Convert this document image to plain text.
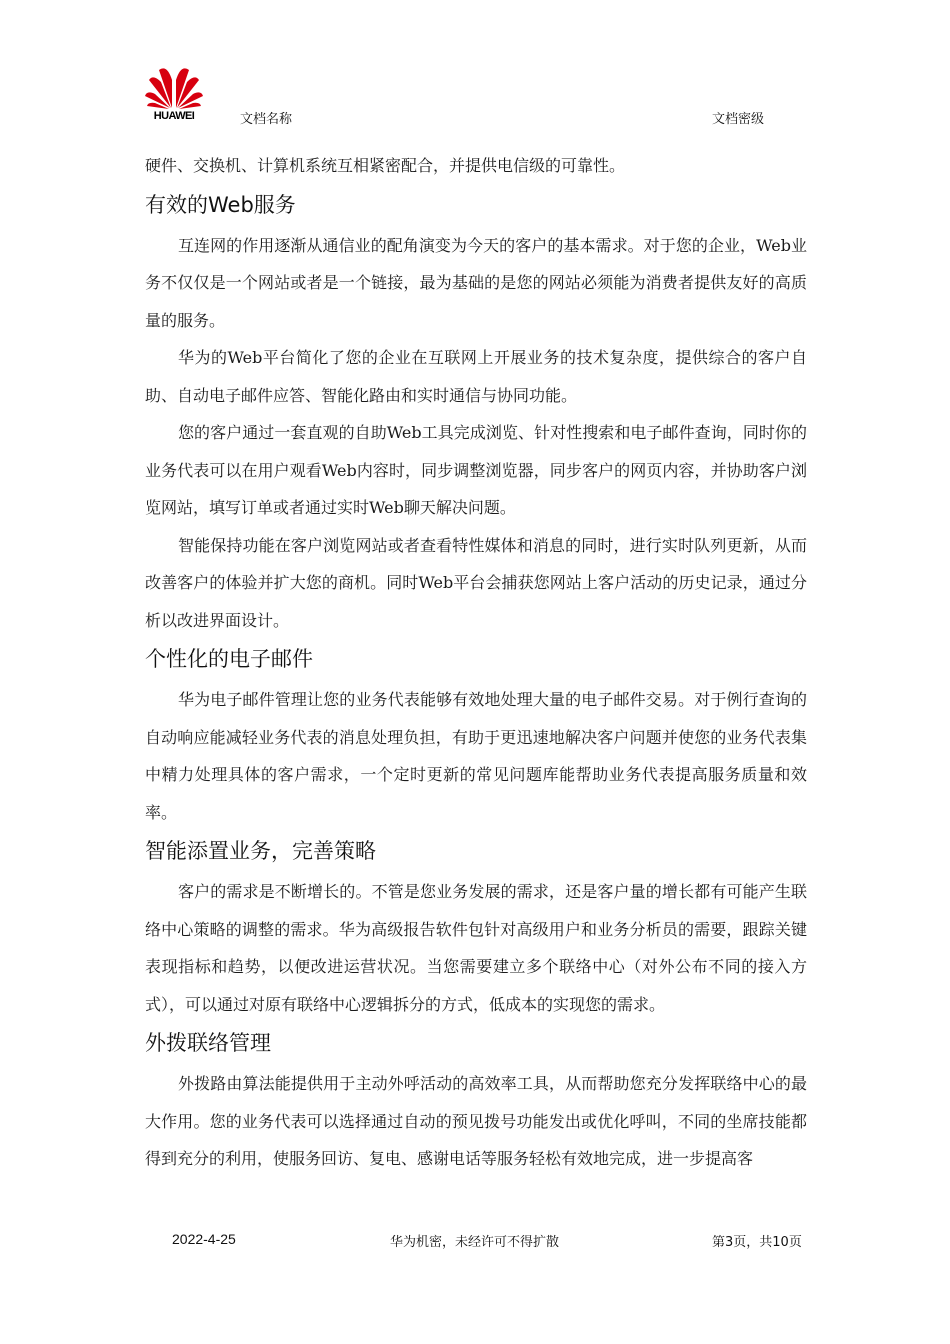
HUAWEI	文档名称	文档密级

硬件、交换机、计算机系统互相紧密配合，并提供电信级的可靠性。

有效的Web服务

互连网的作用逐渐从通信业的配角演变为今天的客户的基本需求。对于您的企业，Web业务不仅仅是一个网站或者是一个链接，最为基础的是您的网站必须能为消费者提供友好的高质量的服务。

华为的Web平台简化了您的企业在互联网上开展业务的技术复杂度，提供综合的客户自助、自动电子邮件应答、智能化路由和实时通信与协同功能。

您的客户通过一套直观的自助Web工具完成浏览、针对性搜索和电子邮件查询，同时你的业务代表可以在用户观看Web内容时，同步调整浏览器，同步客户的网页内容，并协助客户浏览网站，填写订单或者通过实时Web聊天解决问题。

智能保持功能在客户浏览网站或者查看特性媒体和消息的同时，进行实时队列更新，从而改善客户的体验并扩大您的商机。同时Web平台会捕获您网站上客户活动的历史记录，通过分析以改进界面设计。

个性化的电子邮件

华为电子邮件管理让您的业务代表能够有效地处理大量的电子邮件交易。对于例行查询的自动响应能减轻业务代表的消息处理负担，有助于更迅速地解决客户问题并使您的业务代表集中精力处理具体的客户需求，一个定时更新的常见问题库能帮助业务代表提高服务质量和效率。

智能添置业务，完善策略

客户的需求是不断增长的。不管是您业务发展的需求，还是客户量的增长都有可能产生联络中心策略的调整的需求。华为高级报告软件包针对高级用户和业务分析员的需要，跟踪关键表现指标和趋势，以便改进运营状况。当您需要建立多个联络中心（对外公布不同的接入方式），可以通过对原有联络中心逻辑拆分的方式，低成本的实现您的需求。

外拨联络管理

外拨路由算法能提供用于主动外呼活动的高效率工具，从而帮助您充分发挥联络中心的最大作用。您的业务代表可以选择通过自动的预见拨号功能发出或优化呼叫，不同的坐席技能都得到充分的利用，使服务回访、复电、感谢电话等服务轻松有效地完成，进一步提高客

2022-4-25	华为机密，未经许可不得扩散	第3页，共10页
